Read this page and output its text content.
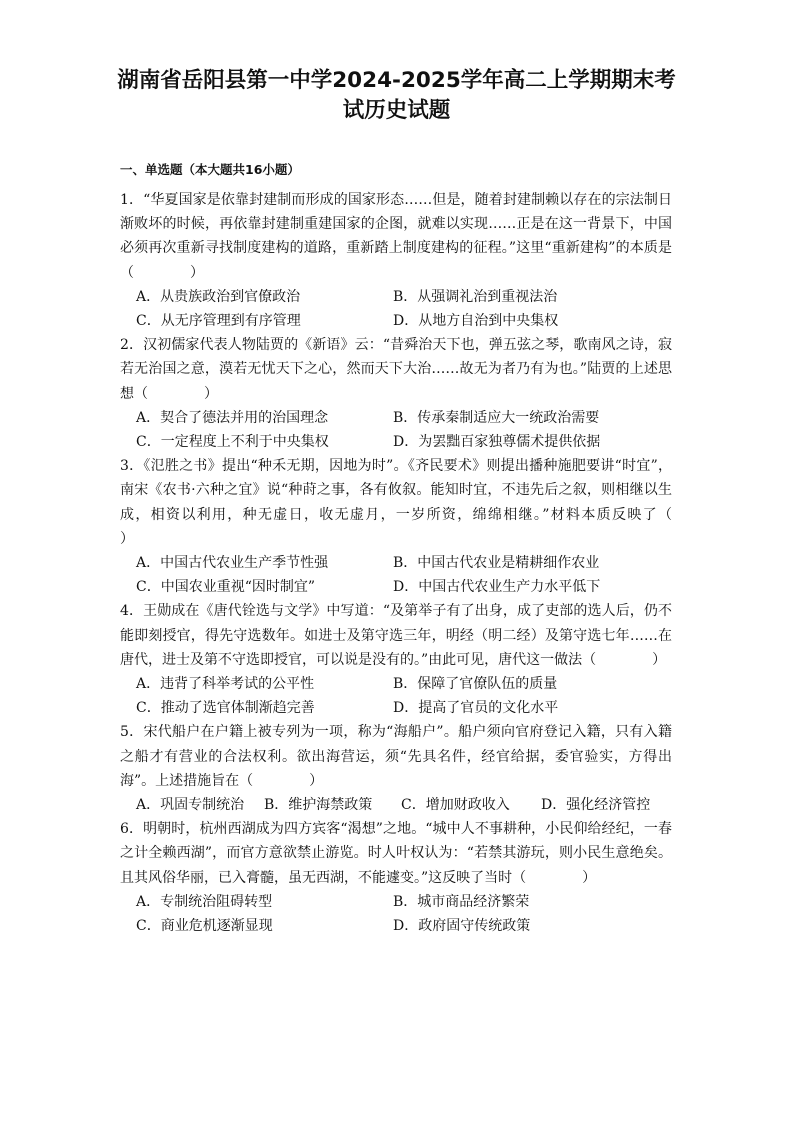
湖南省岳阳县第一中学2024-2025学年高二上学期期末考
试历史试题
一、单选题（本大题共16小题）

1．“华夏国家是依靠封建制而形成的国家形态……但是，随着封建制赖以存在的宗法制日渐败坏的时候，再依靠封建制重建国家的企图，就难以实现……正是在这一背景下，中国必须再次重新寻找制度建构的道路，重新踏上制度建构的征程。”这里“重新建构”的本质是（　　　　）

A．从贵族政治到官僚政治	B．从强调礼治到重视法治
C．从无序管理到有序管理	D．从地方自治到中央集权

2．汉初儒家代表人物陆贾的《新语》云：“昔舜治天下也，弹五弦之琴，歌南风之诗，寂若无治国之意，漠若无忧天下之心，然而天下大治……故无为者乃有为也。”陆贾的上述思想（　　　　）

A．契合了德法并用的治国理念	B．传承秦制适应大一统政治需要
C．一定程度上不利于中央集权	D．为罢黜百家独尊儒术提供依据

3．《氾胜之书》提出“种禾无期，因地为时”。《齐民要术》则提出播种施肥要讲“时宜”，南宋《农书·六种之宜》说“种莳之事，各有攸叙。能知时宜，不违先后之叙，则相继以生成，相资以利用，种无虚日，收无虚月，一岁所资，绵绵相继。”材料本质反映了（　　　　）

A．中国古代农业生产季节性强	B．中国古代农业是精耕细作农业
C．中国农业重视“因时制宜”	D．中国古代农业生产力水平低下

4．王勋成在《唐代铨选与文学》中写道：“及第举子有了出身，成了吏部的选人后，仍不能即刻授官，得先守选数年。如进士及第守选三年，明经（明二经）及第守选七年……在唐代，进士及第不守选即授官，可以说是没有的。”由此可见，唐代这一做法（　　　　）

A．违背了科举考试的公平性	B．保障了官僚队伍的质量
C．推动了选官体制渐趋完善	D．提高了官员的文化水平

5．宋代船户在户籍上被专列为一项，称为“海船户”。船户须向官府登记入籍，只有入籍之船才有营业的合法权利。欲出海营运，须“先具名件，经官给据，委官验实，方得出海”。上述措施旨在（　　　　）

A．巩固专制统治	B．维护海禁政策	C．增加财政收入	D．强化经济管控

6．明朝时，杭州西湖成为四方宾客“渴想”之地。“城中人不事耕种，小民仰给经纪，一春之计全赖西湖”，而官方意欲禁止游览。时人叶权认为：“若禁其游玩，则小民生意绝矣。且其风俗华丽，已入膏髓，虽无西湖，不能遽变。”这反映了当时（　　　　）

A．专制统治阻碍转型	B．城市商品经济繁荣
C．商业危机逐渐显现	D．政府固守传统政策
